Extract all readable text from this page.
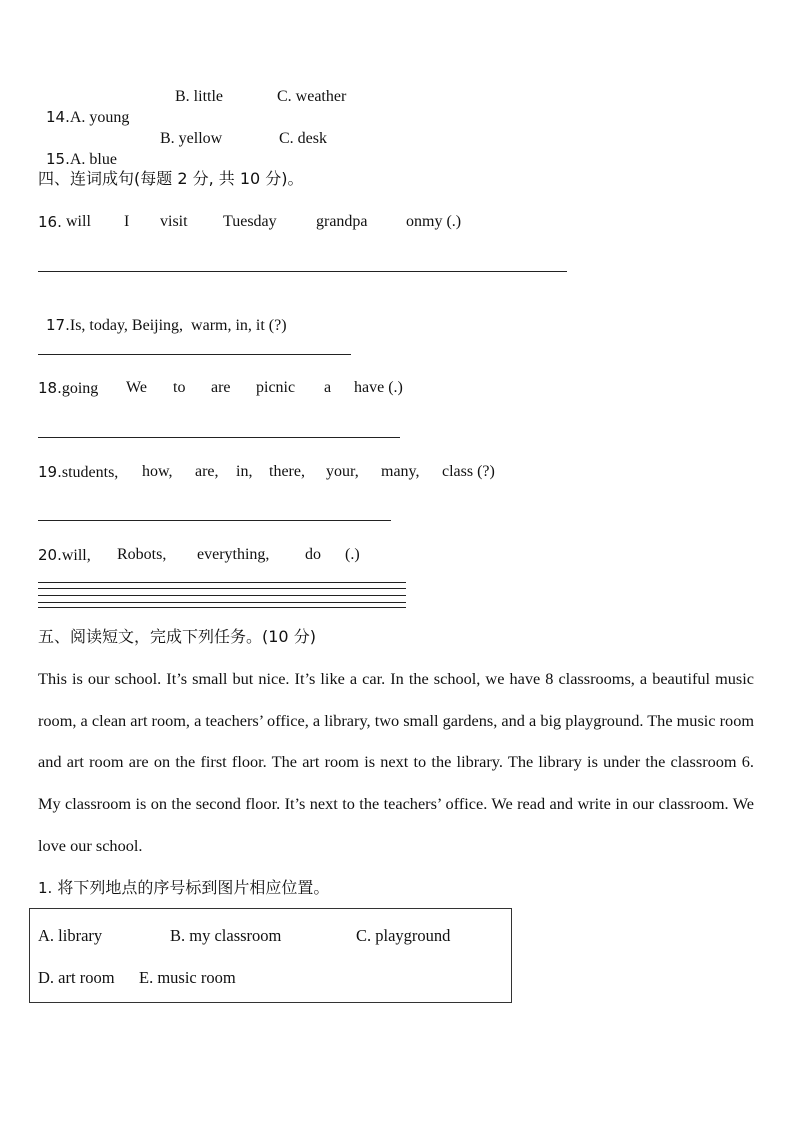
14.A. young

B. little	C. weather

15.A. blue

B. yellow	C. desk
四、连词成句(每题 2 分, 共 10 分)。
16. will I visit Tuesday grandpa onmy (.)

17.Is, today, Beijing,  warm, in, it (?)

18.going We to are picnic a have (.)
19.students, how, are, in, there, your, many, class (?)
20.will, Robots, everything, do (.)
五、阅读短文，完成下列任务。(10 分)
This is our school. It’s small but nice. It’s like a car. In the school, we have 8 classrooms, a beautiful music room, a clean art room, a teachers’ office, a library, two small gardens, and a big playground. The music room and art room are on the first floor. The art room is next to the library. The library is under the classroom 6. My classroom is on the second floor. It’s next to the teachers’ office. We read and write in our classroom. We love our school.
1. 将下列地点的序号标到图片相应位置。
A. library	B. my classroom	C. playground
D. art room E. music room
